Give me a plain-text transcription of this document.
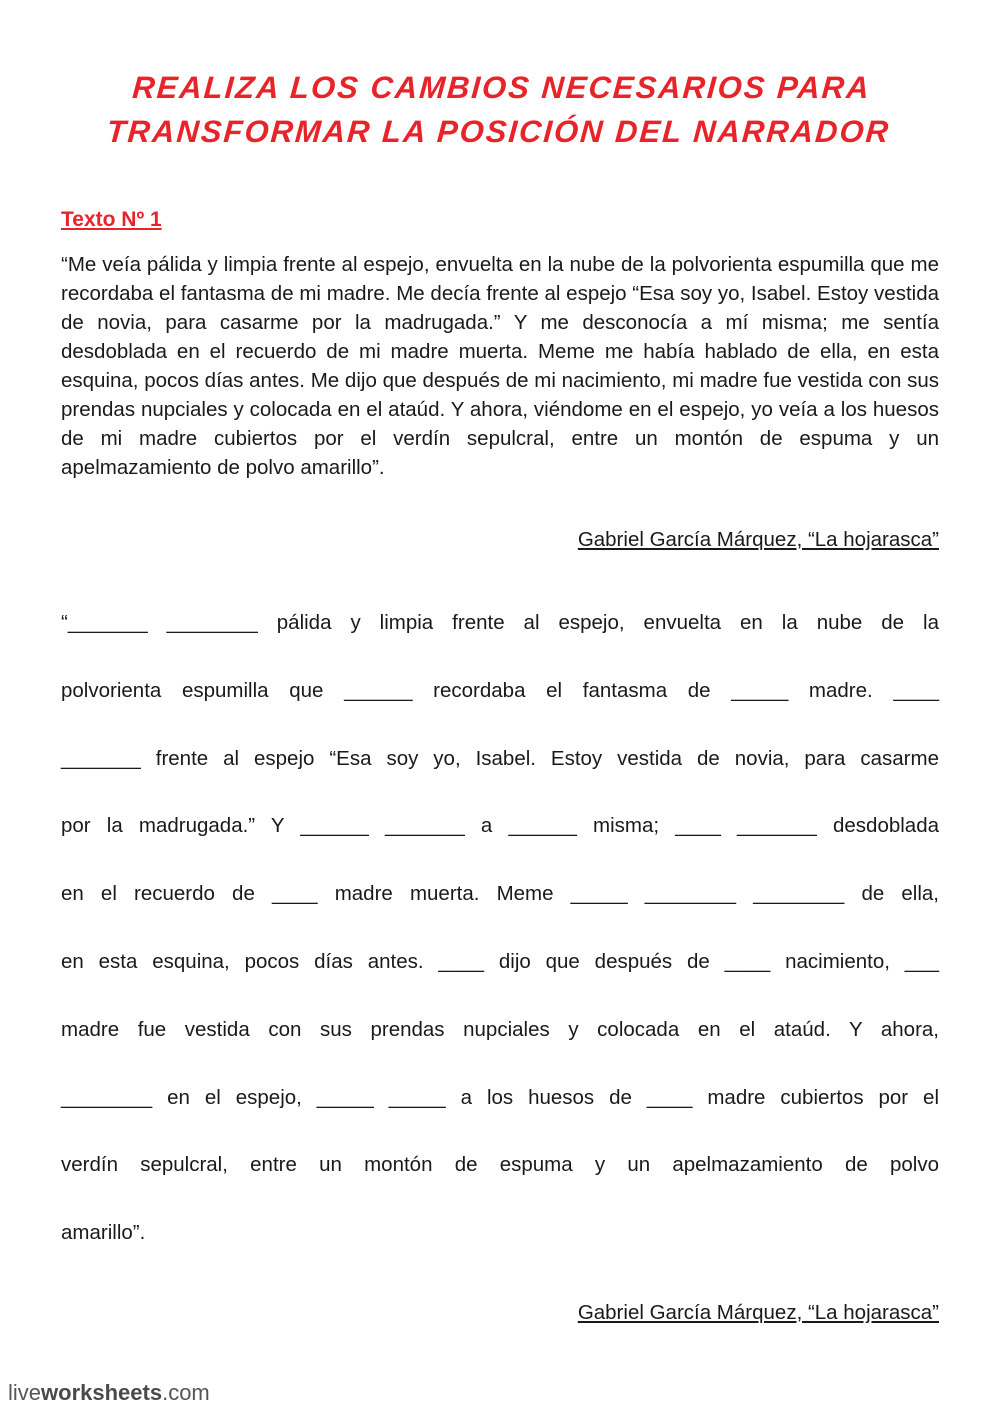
REALIZA LOS CAMBIOS NECESARIOS PARA TRANSFORMAR LA POSICIÓN DEL NARRADOR
Texto Nº 1

“Me veía pálida y limpia frente al espejo, envuelta en la nube de la polvorienta espumilla que me recordaba el fantasma de mi madre. Me decía frente al espejo “Esa soy yo, Isabel. Estoy vestida de novia, para casarme por la madrugada.” Y me desconocía a mí misma; me sentía desdoblada en el recuerdo de mi madre muerta. Meme me había hablado de ella, en esta esquina, pocos días antes. Me dijo que después de mi nacimiento, mi madre fue vestida con sus prendas nupciales y colocada en el ataúd. Y ahora, viéndome en el espejo, yo veía a los huesos de mi madre cubiertos por el verdín sepulcral, entre un montón de espuma y un apelmazamiento de polvo amarillo”.

Gabriel García Márquez, “La hojarasca”
“_______ ________ pálida y limpia frente al espejo, envuelta en la nube de la
polvorienta espumilla que ______ recordaba el fantasma de _____ madre. ____
_______ frente al espejo “Esa soy yo, Isabel. Estoy vestida de novia, para casarme
por la madrugada.” Y ______ _______ a ______ misma; ____ _______ desdoblada
en el recuerdo de ____ madre muerta. Meme _____ ________ ________ de ella,
en esta esquina, pocos días antes. ____ dijo que después de ____ nacimiento, ___
madre fue vestida con sus prendas nupciales y colocada en el ataúd. Y ahora,
________ en el espejo, _____ _____ a los huesos de ____ madre cubiertos por el
verdín sepulcral, entre un montón de espuma y un apelmazamiento de polvo
amarillo”.
Gabriel García Márquez, “La hojarasca”
liveworksheets.com
